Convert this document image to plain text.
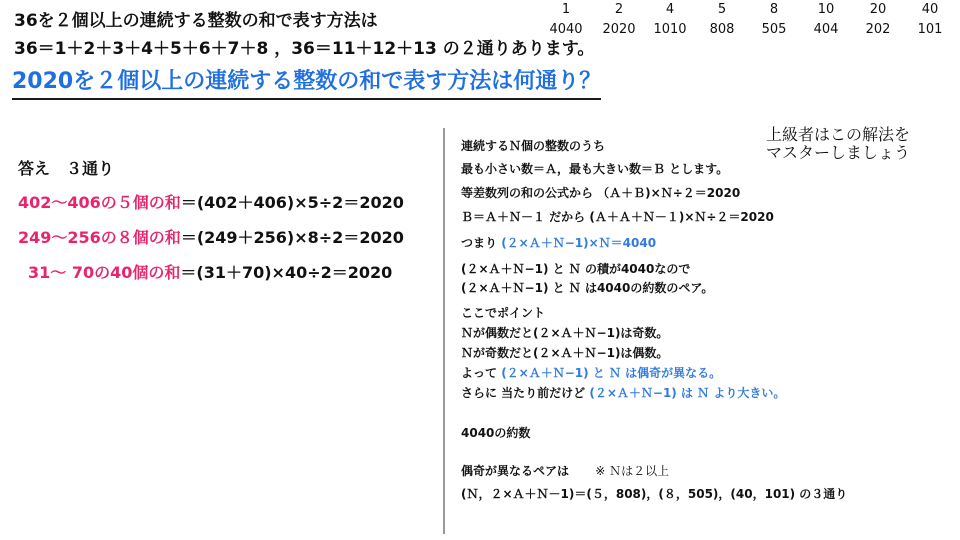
36を２個以上の連続する整数の和で表す方法は
36＝1＋2＋3＋4＋5＋6＋7＋8 ，36＝11＋12＋13 の２通りあります。
2020を２個以上の連続する整数の和で表す方法は何通り？
答え　３通り
402～406の５個の和＝(402＋406)×5÷2＝2020
249～256の８個の和＝(249＋256)×8÷2＝2020
31～ 70の40個の和＝(31＋70)×40÷2＝2020
上級者はこの解法を
マスターしましょう
連続するＮ個の整数のうち
最も小さい数＝Ａ，最も大きい数＝Ｂ とします。
等差数列の和の公式から （Ａ＋Ｂ)×Ｎ÷２＝2020
Ｂ＝Ａ＋Ｎ－１ だから (Ａ＋Ａ＋Ｎ－１)×Ｎ÷２＝2020
つまり (２×Ａ＋Ｎ−1)×Ｎ＝4040
(２×Ａ＋Ｎ−1) と Ｎ の積が4040なので
(２×Ａ＋Ｎ−1) と Ｎ は4040の約数のペア。
ここでポイント
Ｎが偶数だと(２×Ａ＋Ｎ−1)は奇数。
Ｎが奇数だと(２×Ａ＋Ｎ−1)は偶数。
よって (２×Ａ＋Ｎ−1) と Ｎ は偶奇が異なる。
さらに 当たり前だけど (２×Ａ＋Ｎ−1) は Ｎ より大きい。
4040の約数
1
4040
2
2020
4
1010
5
808
8
505
10
404
20
202
40
101
偶奇が異なるペアは ※ Ｎは２以上
(Ｎ，２×Ａ＋Ｎ－1)＝(５，808)，(８，505)，(40，101) の３通り
